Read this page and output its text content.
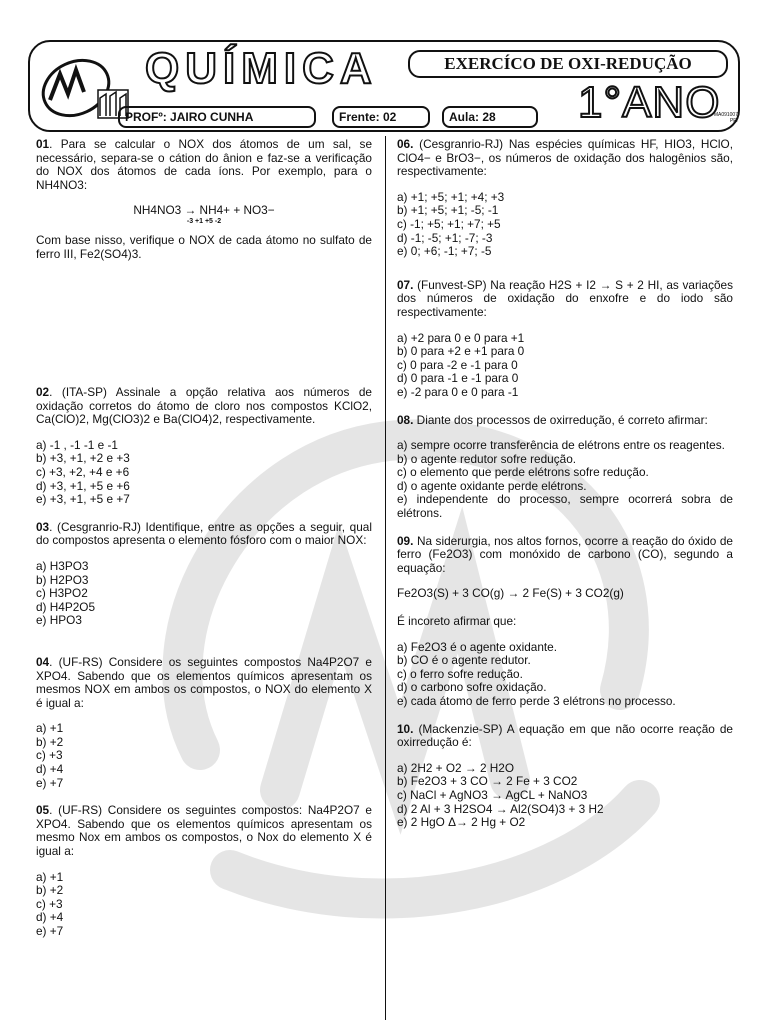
QUÍMICA	EXERCÍCO DE OXI-REDUÇÃO
PROFº: JAIRO CUNHA	Frente: 02	Aula: 28	1°ANO
MA091007
PE/

01. Para se calcular o NOX dos átomos de um sal, se necessário, separa-se o cátion do ânion e faz-se a verificação do NOX dos átomos de cada íons. Por exemplo, para o NH4NO3:

NH4NO3 → NH4+ + NO3−
-3 +1 +5 -2

Com base nisso, verifique o NOX de cada átomo no sulfato de ferro III, Fe2(SO4)3.

02. (ITA-SP) Assinale a opção relativa aos números de oxidação corretos do átomo de cloro nos compostos KClO2, Ca(ClO)2, Mg(ClO3)2 e Ba(ClO4)2, respectivamente.

a) -1 , -1 -1 e -1
b) +3, +1, +2 e +3
c) +3, +2, +4 e +6
d) +3, +1, +5 e +6
e) +3, +1, +5 e +7

03. (Cesgranrio-RJ) Identifique, entre as opções a seguir, qual do compostos apresenta o elemento fósforo com o maior NOX:

a) H3PO3
b) H2PO3
c) H3PO2
d) H4P2O5
e) HPO3

04. (UF-RS) Considere os seguintes compostos Na4P2O7 e XPO4. Sabendo que os elementos químicos apresentam os mesmos NOX em ambos os compostos, o NOX do elemento X é igual a:

a) +1
b) +2
c) +3
d) +4
e) +7

05. (UF-RS) Considere os seguintes compostos: Na4P2O7 e XPO4. Sabendo que os elementos químicos apresentam os mesmo Nox em ambos os compostos, o Nox do elemento X é igual a:

a) +1
b) +2
c) +3
d) +4
e) +7

06. (Cesgranrio-RJ) Nas espécies químicas HF, HIO3, HClO, ClO4− e BrO3−, os números de oxidação dos halogênios são, respectivamente:

a) +1; +5; +1; +4; +3
b) +1; +5; +1; -5; -1
c) -1; +5; +1; +7; +5
d) -1; -5; +1; -7; -3
e) 0; +6; -1; +7; -5

07. (Funvest-SP) Na reação H2S + I2 → S + 2 HI, as variações dos números de oxidação do enxofre e do iodo são respectivamente:

a) +2 para 0 e 0 para +1
b) 0 para +2 e +1 para 0
c) 0 para -2 e -1 para 0
d) 0 para -1 e -1 para 0
e) -2 para 0 e 0 para -1

08. Diante dos processos de oxirredução, é correto afirmar:

a) sempre ocorre transferência de elétrons entre os reagentes.
b) o agente redutor sofre redução.
c) o elemento que perde elétrons sofre redução.
d) o agente oxidante perde elétrons.
e) independente do processo, sempre ocorrerá sobra de elétrons.

09. Na siderurgia, nos altos fornos, ocorre a reação do óxido de ferro (Fe2O3) com monóxido de carbono (CO), segundo a equação:

Fe2O3(S) + 3 CO(g) → 2 Fe(S) + 3 CO2(g)

É incoreto afirmar que:

a) Fe2O3 é o agente oxidante.
b) CO é o agente redutor.
c) o ferro sofre redução.
d) o carbono sofre oxidação.
e) cada átomo de ferro perde 3 elétrons no processo.

10. (Mackenzie-SP) A equação em que não ocorre reação de oxirredução é:

a) 2H2 + O2 → 2 H2O
b) Fe2O3 + 3 CO → 2 Fe + 3 CO2
c) NaCl + AgNO3 → AgCL + NaNO3
d) 2 Al + 3 H2SO4 → Al2(SO4)3 + 3 H2
e) 2 HgO Δ→ 2 Hg + O2
